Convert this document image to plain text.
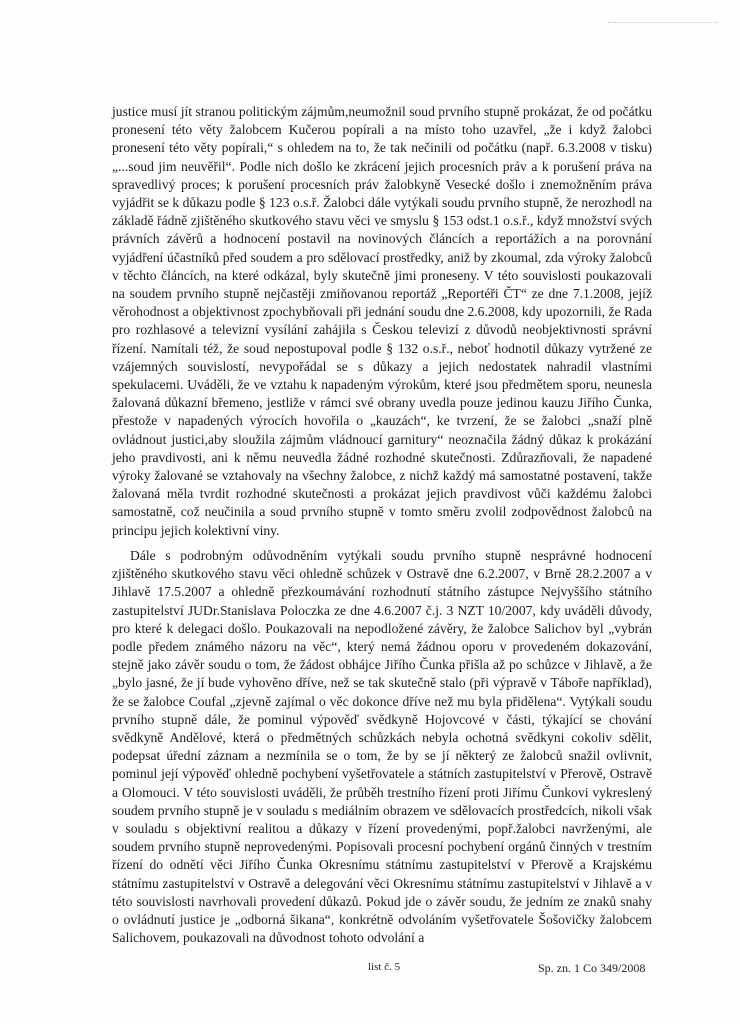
justice musí jít stranou politickým zájmům,neumožnil soud prvního stupně prokázat, že od počátku pronesení této věty žalobcem Kučerou popírali a na místo toho uzavřel, „že i když žalobci pronesení této věty popírali,“ s ohledem na to, že tak nečinili od počátku (např. 6.3.2008 v tisku) „...soud jim neuvěřil“. Podle nich došlo ke zkrácení jejich procesních práv a k porušení práva na spravedlivý proces; k porušení procesních práv žalobkyně Vesecké došlo i znemožněním práva vyjádřit se k důkazu podle § 123 o.s.ř. Žalobci dále vytýkali soudu prvního stupně, že nerozhodl na základě řádně zjištěného skutkového stavu věci ve smyslu § 153 odst.1 o.s.ř., když množství svých právních závěrů a hodnocení postavil na novinových článcích a reportážích a na porovnání vyjádření účastníků před soudem a pro sdělovací prostředky, aniž by zkoumal, zda výroky žalobců v těchto článcích, na které odkázal, byly skutečně jimi proneseny. V této souvislosti poukazovali na soudem prvního stupně nejčastěji zmiňovanou reportáž „Reportéři ČT“ ze dne 7.1.2008, jejíž věrohodnost a objektivnost zpochybňovali při jednání soudu dne 2.6.2008, kdy upozornili, že Rada pro rozhlasové a televizní vysílání zahájila s Českou televizí z důvodů neobjektivnosti správní řízení. Namítali též, že soud nepostupoval podle § 132 o.s.ř., neboť hodnotil důkazy vytržené ze vzájemných souvislostí, nevypořádal se s důkazy a jejich nedostatek nahradil vlastními spekulacemi. Uváděli, že ve vztahu k napadeným výrokům, které jsou předmětem sporu, neunesla žalovaná důkazní břemeno, jestliže v rámci své obrany uvedla pouze jedinou kauzu Jiřího Čunka, přestože v napadených výrocích hovořila o „kauzách“, ke tvrzení, že se žalobci „snaží plně ovládnout justici,aby sloužila zájmům vládnoucí garnitury“ neoznačila žádný důkaz k prokázání jeho pravdivosti, ani k němu neuvedla žádné rozhodné skutečnosti. Zdůrazňovali, že napadené výroky žalované se vztahovaly na všechny žalobce, z nichž každý má samostatné postavení, takže žalovaná měla tvrdit rozhodné skutečnosti a prokázat jejich pravdivost vůči každému žalobci samostatně, což neučinila a soud prvního stupně v tomto směru zvolil zodpovědnost žalobců na principu jejich kolektivní viny.
Dále s podrobným odůvodněním vytýkali soudu prvního stupně nesprávné hodnocení zjištěného skutkového stavu věci ohledně schůzek v Ostravě dne 6.2.2007, v Brně 28.2.2007 a v Jihlavě 17.5.2007 a ohledně přezkoumávání rozhodnutí státního zástupce Nejvyššího státního zastupitelství JUDr.Stanislava Poloczka ze dne 4.6.2007 č.j. 3 NZT 10/2007, kdy uváděli důvody, pro které k delegaci došlo. Poukazovali na nepodložené závěry, že žalobce Salichov byl „vybrán podle předem známého názoru na věc“, který nemá žádnou oporu v provedeném dokazování, stejně jako závěr soudu o tom, že žádost obhájce Jiřího Čunka přišla až po schůzce v Jihlavě, a že „bylo jasné, že jí bude vyhověno dříve, než se tak skutečně stalo (při výpravě v Táboře například), že se žalobce Coufal „zjevně zajímal o věc dokonce dříve než mu byla přidělena“. Vytýkali soudu prvního stupně dále, že pominul výpověď svědkyně Hojovcové v části, týkající se chování svědkyně Andělové, která o předmětných schůzkách nebyla ochotná svědkyni cokoliv sdělit, podepsat úřední záznam a nezmínila se o tom, že by se jí některý ze žalobců snažil ovlivnit, pominul její výpověď ohledně pochybení vyšetřovatele a státních zastupitelství v Přerově, Ostravě a Olomouci. V této souvislosti uváděli, že průběh trestního řízení proti Jiřímu Čunkovi vykreslený soudem prvního stupně je v souladu s mediálním obrazem ve sdělovacích prostředcích, nikoli však v souladu s objektivní realitou a důkazy v řízení provedenými, popř.žalobci navrženými, ale soudem prvního stupně neprovedenými. Popisovali procesní pochybení orgánů činných v trestním řízení do odnětí věci Jiřího Čunka Okresnímu státnímu zastupitelství v Přerově a Krajskému státnímu zastupitelství v Ostravě a delegování věci Okresnímu státnímu zastupitelství v Jihlavě a v této souvislosti navrhovali provedení důkazů. Pokud jde o závěr soudu, že jedním ze znaků snahy o ovládnutí justice je „odborná šikana“, konkrétně odvoláním vyšetřovatele Šošovičky žalobcem Salichovem, poukazovali na důvodnost tohoto odvolání a
list č. 5	Sp. zn. 1 Co 349/2008
